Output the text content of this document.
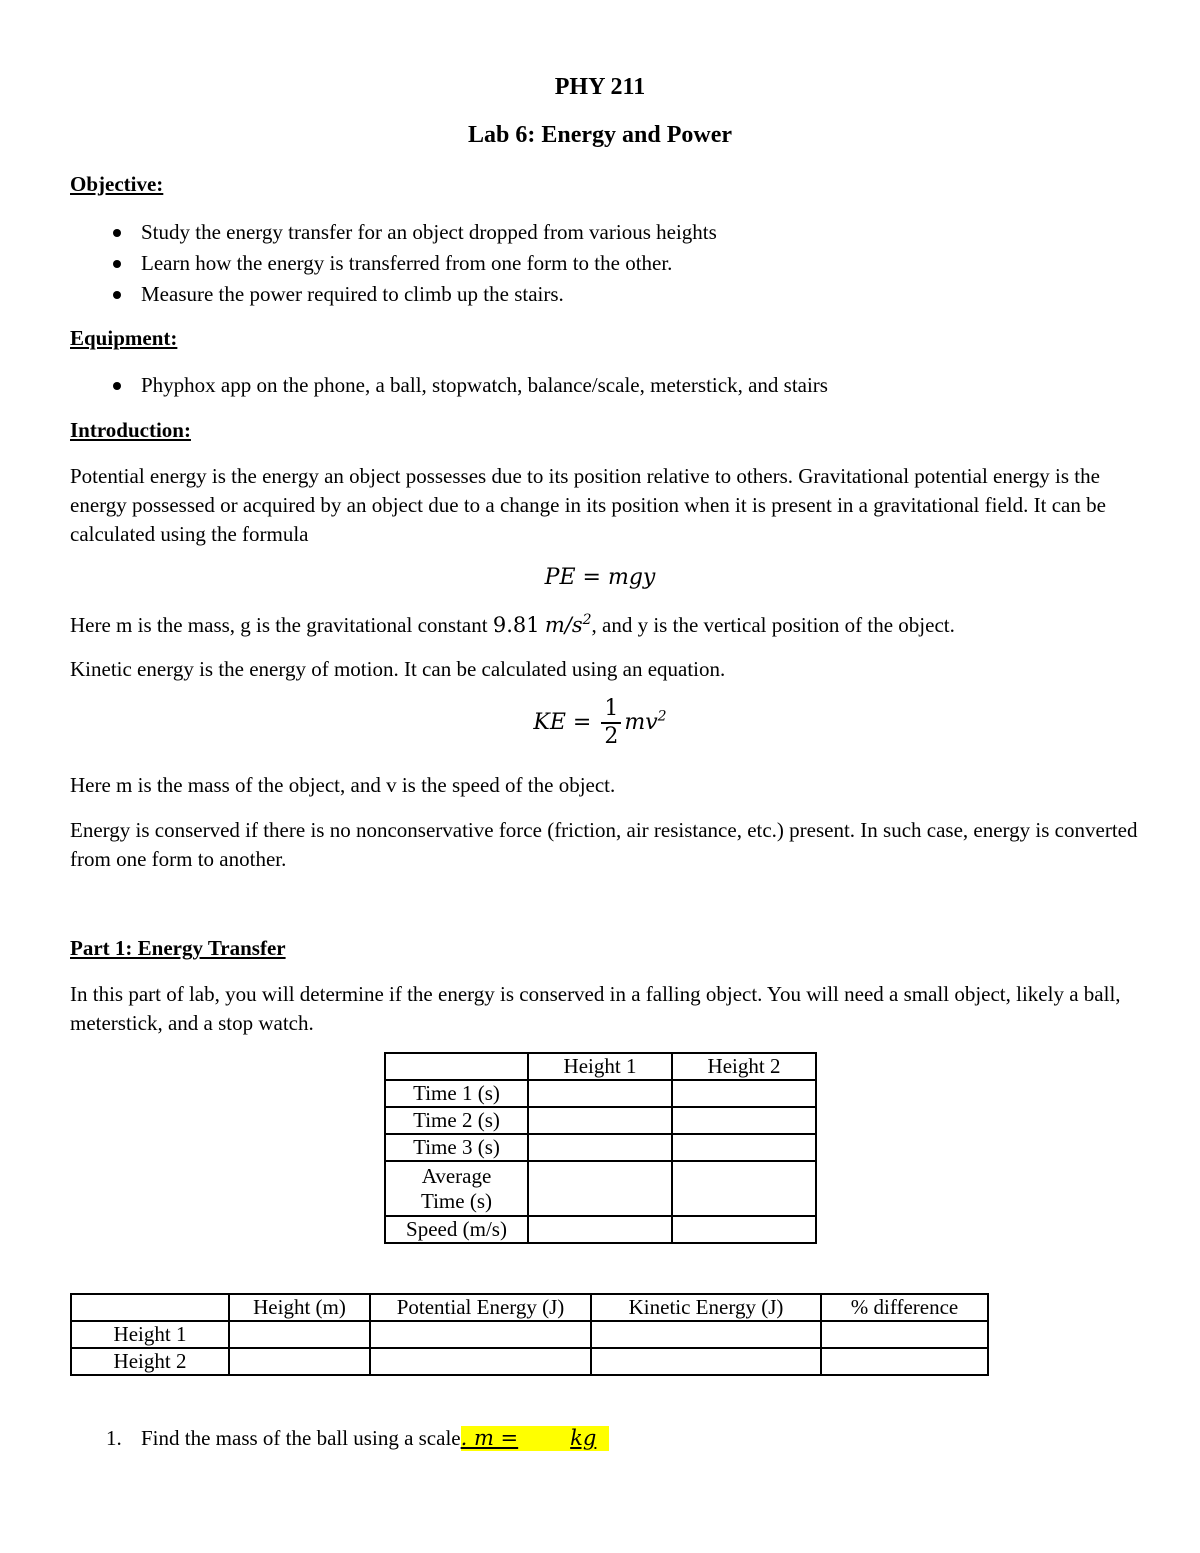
PHY 211
Lab 6: Energy and Power
Objective:
Study the energy transfer for an object dropped from various heights
Learn how the energy is transferred from one form to the other.
Measure the power required to climb up the stairs.
Equipment:
Phyphox app on the phone, a ball, stopwatch, balance/scale, meterstick, and stairs
Introduction:
Potential energy is the energy an object possesses due to its position relative to others. Gravitational potential energy is the energy possessed or acquired by an object due to a change in its position when it is present in a gravitational field. It can be calculated using the formula
PE = mgy
Here m is the mass, g is the gravitational constant 9.81 $m/s^2$, and y is the vertical position of the object.
Kinetic energy is the energy of motion. It can be calculated using an equation.
KE = $\frac{1}{2} mv^2$
Here m is the mass of the object, and v is the speed of the object.
Energy is conserved if there is no nonconservative force (friction, air resistance, etc.) present. In such case, energy is converted from one form to another.
Part 1: Energy Transfer
In this part of lab, you will determine if the energy is conserved in a falling object. You will need a small object, likely a ball, meterstick, and a stop watch.
	Height 1	Height 2
Time 1 (s)		
Time 2 (s)		
Time 3 (s)		
Average Time (s)		
Speed (m/s)		
	Height (m)	Potential Energy (J)	Kinetic Energy (J)	% difference
Height 1				
Height 2				
1. Find the mass of the ball using a scale. m = kg
